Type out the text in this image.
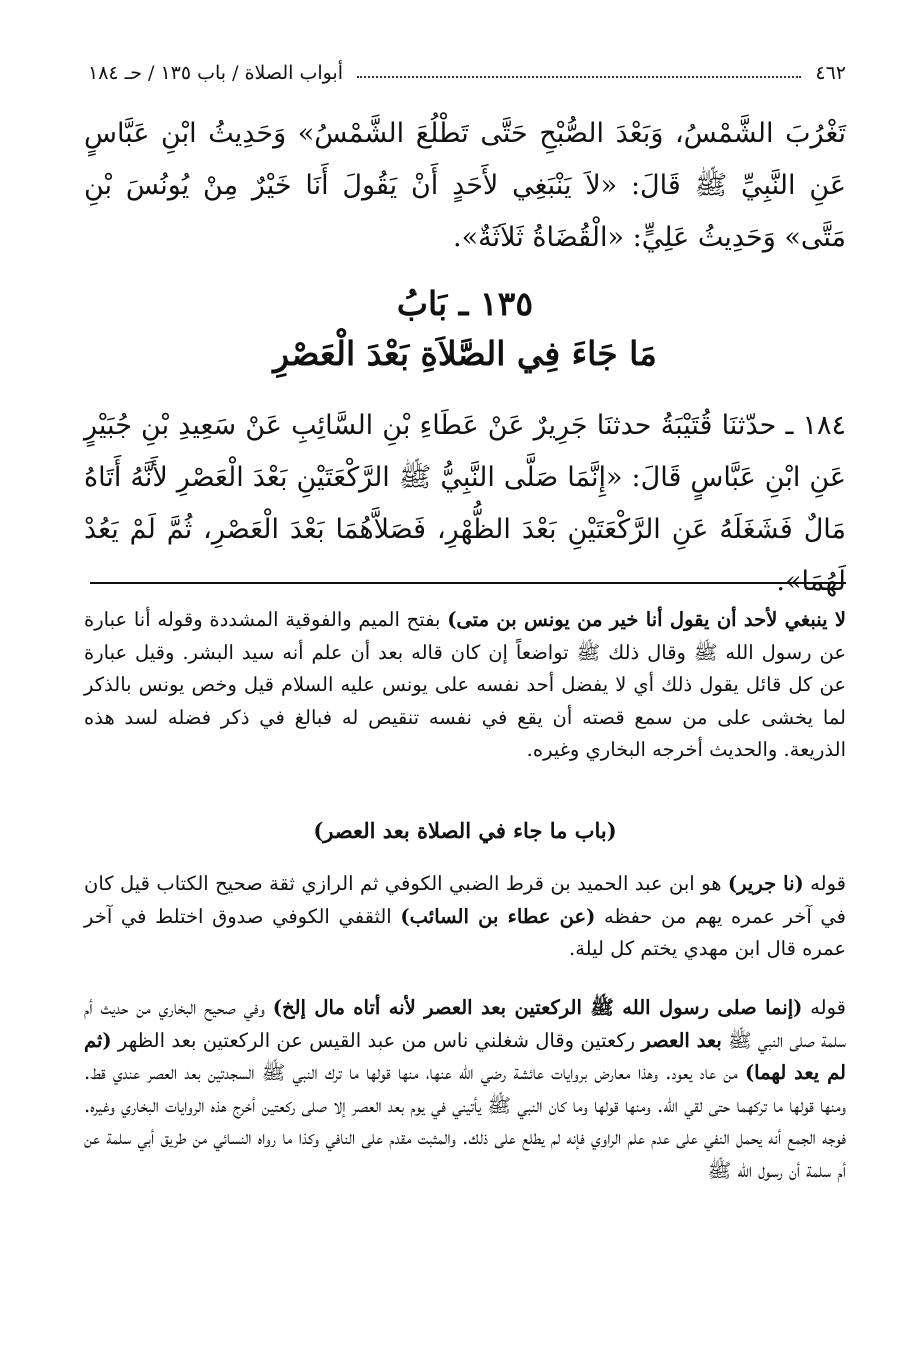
٤٦٢
أبواب الصلاة / باب ١٣٥ / حـ ١٨٤
تَغْرُبَ الشَّمْسُ، وَبَعْدَ الصُّبْحِ حَتَّى تَطْلُعَ الشَّمْسُ» وَحَدِيثُ ابْنِ عَبَّاسٍ عَنِ النَّبِيِّ ﷺ قَالَ: «لاَ يَنْبَغِي لأَحَدٍ أَنْ يَقُولَ أَنَا خَيْرٌ مِنْ يُونُسَ بْنِ مَتَّى» وَحَدِيثُ عَلِيٍّ: «الْقُضَاةُ ثَلاَثَةٌ».
١٣٥ ـ بَابُ
مَا جَاءَ فِي الصَّلاَةِ بَعْدَ الْعَصْرِ
١٨٤ ـ حدّثنَا قُتَيْبَةُ حدثنَا جَرِيرٌ عَنْ عَطَاءِ بْنِ السَّائِبِ عَنْ سَعِيدِ بْنِ جُبَيْرٍ عَنِ ابْنِ عَبَّاسٍ قَالَ: «إِنَّمَا صَلَّى النَّبِيُّ ﷺ الرَّكْعَتَيْنِ بَعْدَ الْعَصْرِ لأَنَّهُ أَتَاهُ مَالٌ فَشَغَلَهُ عَنِ الرَّكْعَتَيْنِ بَعْدَ الظُّهْرِ، فَصَلاَّهُمَا بَعْدَ الْعَصْرِ، ثُمَّ لَمْ يَعُدْ لَهُمَا».
لا ينبغي لأحد أن يقول أنا خير من يونس بن متى) بفتح الميم والفوقية المشددة وقوله أنا عبارة عن رسول الله ﷺ وقال ذلك ﷺ تواضعاً إن كان قاله بعد أن علم أنه سيد البشر. وقيل عبارة عن كل قائل يقول ذلك أي لا يفضل أحد نفسه على يونس عليه السلام قيل وخص يونس بالذكر لما يخشى على من سمع قصته أن يقع في نفسه تنقيص له فبالغ في ذكر فضله لسد هذه الذريعة. والحديث أخرجه البخاري وغيره.
(باب ما جاء في الصلاة بعد العصر)
قوله (نا جرير) هو ابن عبد الحميد بن قرط الضبي الكوفي ثم الرازي ثقة صحيح الكتاب قيل كان في آخر عمره يهم من حفظه (عن عطاء بن السائب) الثقفي الكوفي صدوق اختلط في آخر عمره قال ابن مهدي يختم كل ليلة.
قوله (إنما صلى رسول الله ﷺ الركعتين بعد العصر لأنه أتاه مال إلخ) وفي صحيح البخاري من حديث أم سلمة صلى النبي ﷺ بعد العصر ركعتين وقال شغلني ناس من عبد القيس عن الركعتين بعد الظهر (ثم لم يعد لهما) من عاد يعود. وهذا معارض بروايات عائشة رضي الله عنها، منها قولها ما ترك النبي ﷺ السجدتين بعد العصر عندي قط. ومنها قولها ما تركهما حتى لقي الله. ومنها قولها وما كان النبي ﷺ يأتيني في يوم بعد العصر إلا صلى ركعتين أخرج هذه الروايات البخاري وغيره. فوجه الجمع أنه يحمل النفي على عدم علم الراوي فإنه لم يطلع على ذلك. والمثبت مقدم على النافي وكذا ما رواه النسائي من طريق أبي سلمة عن أم سلمة أن رسول الله ﷺ
